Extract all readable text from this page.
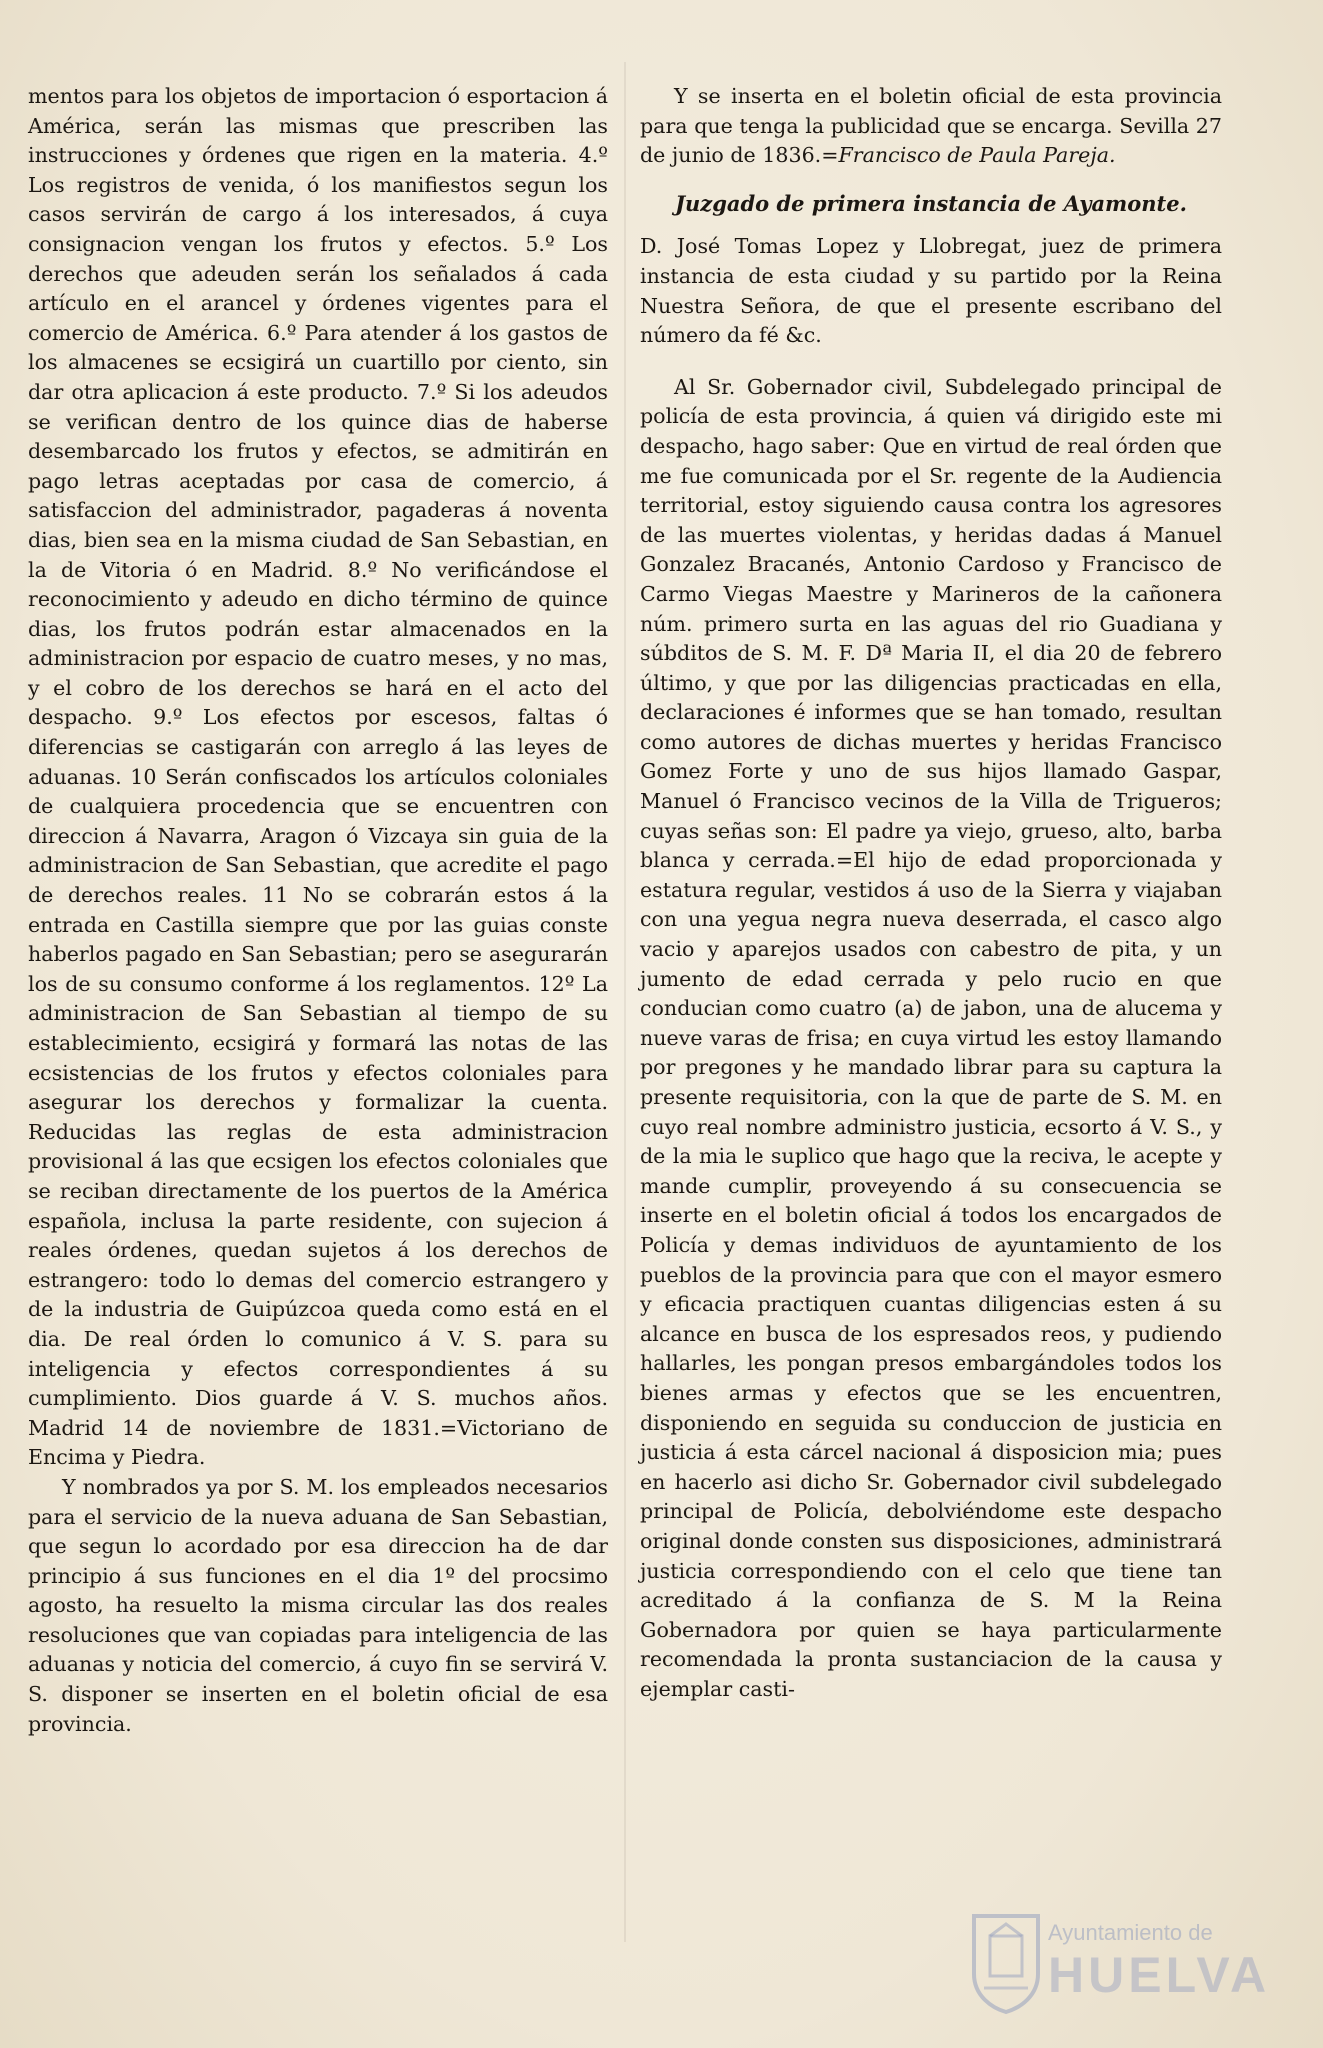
mentos para los objetos de importacion ó esportacion á América, serán las mismas que prescriben las instrucciones y órdenes que rigen en la materia. 4.º Los registros de venida, ó los manifiestos segun los casos servirán de cargo á los interesados, á cuya consignacion vengan los frutos y efectos. 5.º Los derechos que adeuden serán los señalados á cada artículo en el arancel y órdenes vigentes para el comercio de América. 6.º Para atender á los gastos de los almacenes se ecsigirá un cuartillo por ciento, sin dar otra aplicacion á este producto. 7.º Si los adeudos se verifican dentro de los quince dias de haberse desembarcado los frutos y efectos, se admitirán en pago letras aceptadas por casa de comercio, á satisfaccion del administrador, pagaderas á noventa dias, bien sea en la misma ciudad de San Sebastian, en la de Vitoria ó en Madrid. 8.º No verificándose el reconocimiento y adeudo en dicho término de quince dias, los frutos podrán estar almacenados en la administracion por espacio de cuatro meses, y no mas, y el cobro de los derechos se hará en el acto del despacho. 9.º Los efectos por escesos, faltas ó diferencias se castigarán con arreglo á las leyes de aduanas. 10 Serán confiscados los artículos coloniales de cualquiera procedencia que se encuentren con direccion á Navarra, Aragon ó Vizcaya sin guia de la administracion de San Sebastian, que acredite el pago de derechos reales. 11 No se cobrarán estos á la entrada en Castilla siempre que por las guias conste haberlos pagado en San Sebastian; pero se asegurarán los de su consumo conforme á los reglamentos. 12º La administracion de San Sebastian al tiempo de su establecimiento, ecsigirá y formará las notas de las ecsistencias de los frutos y efectos coloniales para asegurar los derechos y formalizar la cuenta. Reducidas las reglas de esta administracion provisional á las que ecsigen los efectos coloniales que se reciban directamente de los puertos de la América española, inclusa la parte residente, con sujecion á reales órdenes, quedan sujetos á los derechos de estrangero: todo lo demas del comercio estrangero y de la industria de Guipúzcoa queda como está en el dia. De real órden lo comunico á V. S. para su inteligencia y efectos correspondientes á su cumplimiento. Dios guarde á V. S. muchos años. Madrid 14 de noviembre de 1831.=Victoriano de Encima y Piedra.

Y nombrados ya por S. M. los empleados necesarios para el servicio de la nueva aduana de San Sebastian, que segun lo acordado por esa direccion ha de dar principio á sus funciones en el dia 1º del procsimo agosto, ha resuelto la misma circular las dos reales resoluciones que van copiadas para inteligencia de las aduanas y noticia del comercio, á cuyo fin se servirá V. S. disponer se inserten en el boletin oficial de esa provincia.

Y se inserta en el boletin oficial de esta provincia para que tenga la publicidad que se encarga. Sevilla 27 de junio de 1836.=Francisco de Paula Pareja.

Juzgado de primera instancia de Ayamonte.

D. José Tomas Lopez y Llobregat, juez de primera instancia de esta ciudad y su partido por la Reina Nuestra Señora, de que el presente escribano del número da fé &c.

Al Sr. Gobernador civil, Subdelegado principal de policía de esta provincia, á quien vá dirigido este mi despacho, hago saber: Que en virtud de real órden que me fue comunicada por el Sr. regente de la Audiencia territorial, estoy siguiendo causa contra los agresores de las muertes violentas, y heridas dadas á Manuel Gonzalez Bracanés, Antonio Cardoso y Francisco de Carmo Viegas Maestre y Marineros de la cañonera núm. primero surta en las aguas del rio Guadiana y súbditos de S. M. F. Dª Maria II, el dia 20 de febrero último, y que por las diligencias practicadas en ella, declaraciones é informes que se han tomado, resultan como autores de dichas muertes y heridas Francisco Gomez Forte y uno de sus hijos llamado Gaspar, Manuel ó Francisco vecinos de la Villa de Trigueros; cuyas señas son: El padre ya viejo, grueso, alto, barba blanca y cerrada.=El hijo de edad proporcionada y estatura regular, vestidos á uso de la Sierra y viajaban con una yegua negra nueva deserrada, el casco algo vacio y aparejos usados con cabestro de pita, y un jumento de edad cerrada y pelo rucio en que conducian como cuatro (a) de jabon, una de alucema y nueve varas de frisa; en cuya virtud les estoy llamando por pregones y he mandado librar para su captura la presente requisitoria, con la que de parte de S. M. en cuyo real nombre administro justicia, ecsorto á V. S., y de la mia le suplico que hago que la reciva, le acepte y mande cumplir, proveyendo á su consecuencia se inserte en el boletin oficial á todos los encargados de Policía y demas individuos de ayuntamiento de los pueblos de la provincia para que con el mayor esmero y eficacia practiquen cuantas diligencias esten á su alcance en busca de los espresados reos, y pudiendo hallarles, les pongan presos embargándoles todos los bienes armas y efectos que se les encuentren, disponiendo en seguida su conduccion de justicia en justicia á esta cárcel nacional á disposicion mia; pues en hacerlo asi dicho Sr. Gobernador civil subdelegado principal de Policía, debolviéndome este despacho original donde consten sus disposiciones, administrará justicia correspondiendo con el celo que tiene tan acreditado á la confianza de S. M la Reina Gobernadora por quien se haya particularmente recomendada la pronta sustanciacion de la causa y ejemplar casti-

Ayuntamiento de
HUELVA
